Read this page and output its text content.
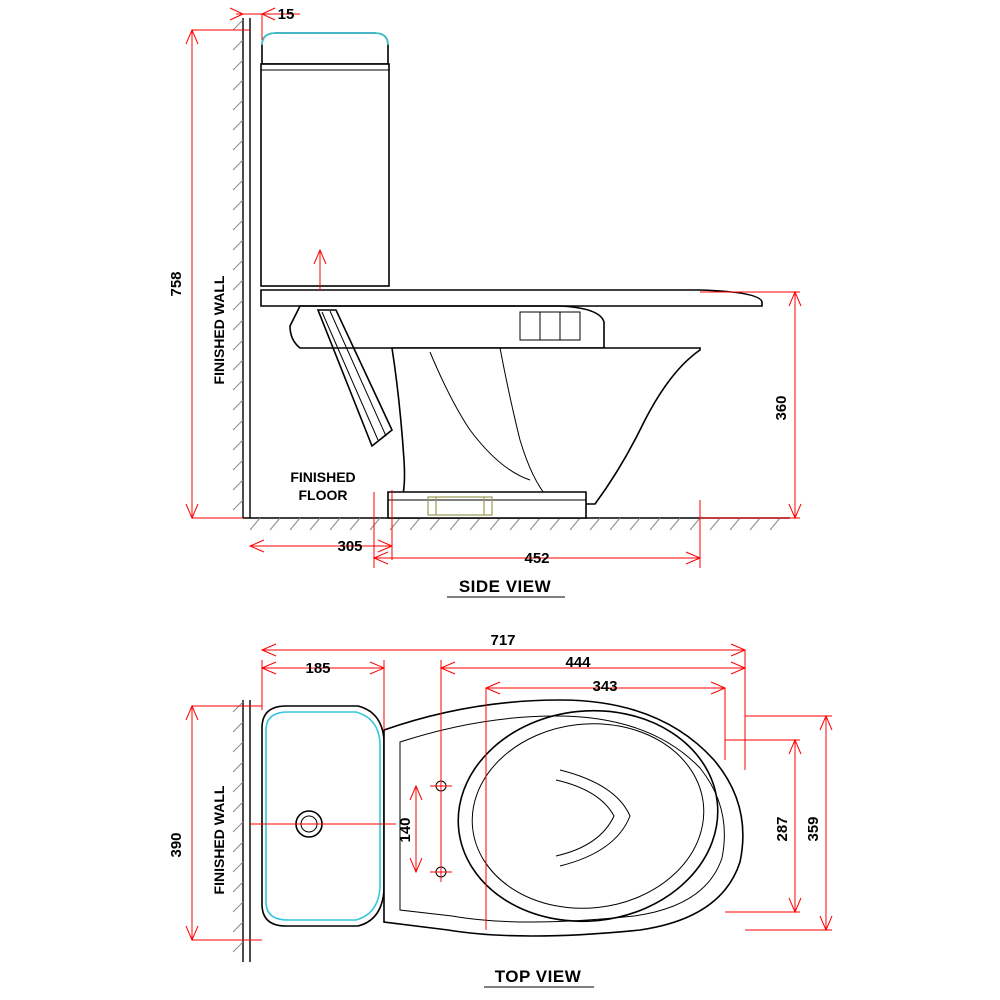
15
758 FINISHED WALL
360
FINISHED
FLOOR
305
452
SIDE VIEW
185
717
444
343
140
390 FINISHED WALL	287 359
TOP VIEW
